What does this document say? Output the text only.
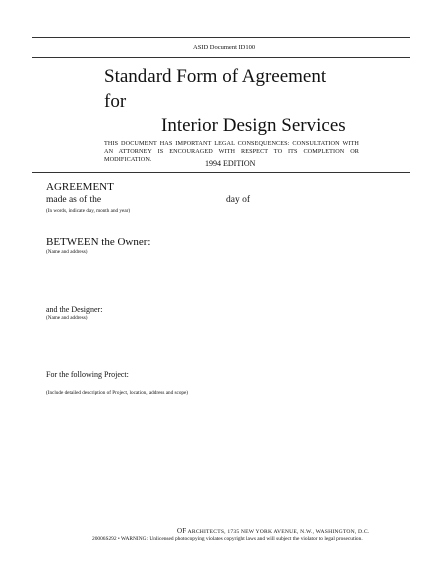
ASID Document ID100
Standard Form of Agreement
for
Interior Design Services
THIS DOCUMENT HAS IMPORTANT LEGAL CONSEQUENCES: CONSULTATION WITH AN ATTORNEY IS ENCOURAGED WITH RESPECT TO ITS COMPLETION OR MODIFICATION.	1994 EDITION
AGREEMENT
made as of the	day of
(In words, indicate day, month and year)
BETWEEN the Owner:
(Name and address)
and the Designer:
(Name and address)
For the following Project:
(Include detailed description of Project, location, address and scope)
OF ARCHITECTS, 1735 NEW YORK AVENUE, N.W., WASHINGTON, D.C.
20006S292 • WARNING: Unlicensed photocopying violates copyright laws and will subject the violator to legal prosecution.
